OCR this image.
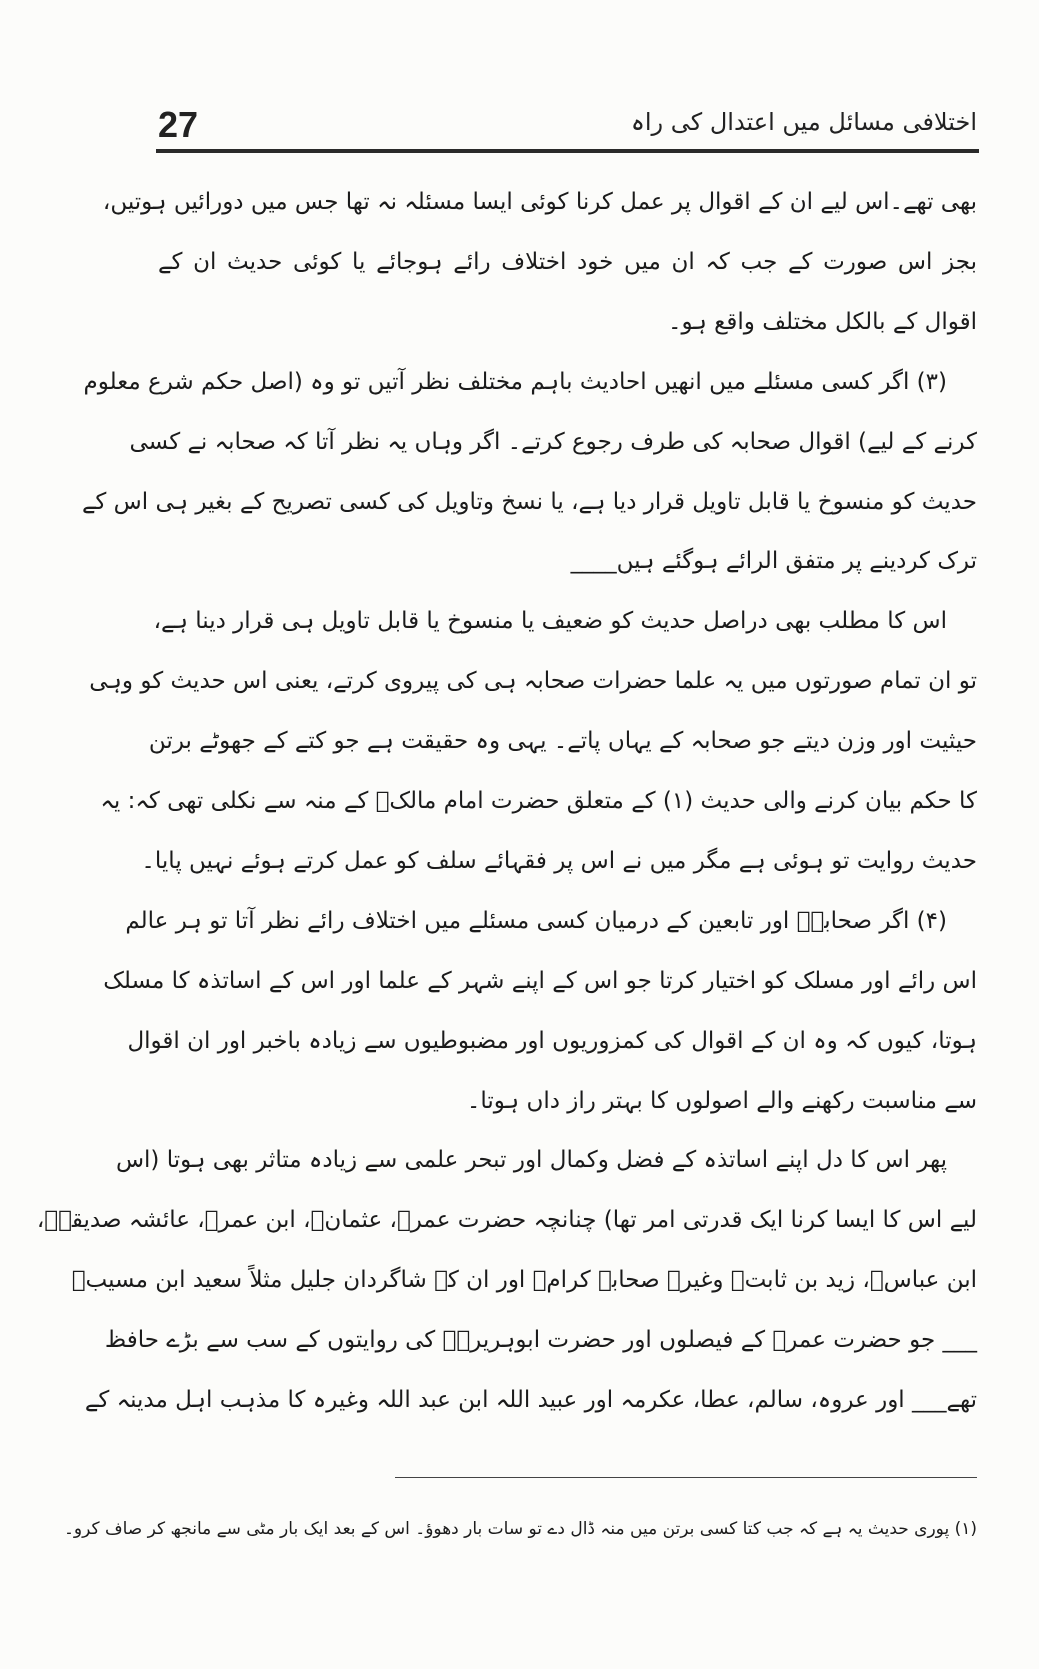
27	اختلافی مسائل میں اعتدال کی راہ
بھی تھے۔اس لیے ان کے اقوال پر عمل کرنا کوئی ایسا مسئلہ نہ تھا جس میں دورائیں ہوتیں،
بجز اس صورت کے جب کہ ان میں خود اختلاف رائے ہوجائے یا کوئی حدیث ان کے
اقوال کے بالکل مختلف واقع ہو۔
(۳) اگر کسی مسئلے میں انھیں احادیث باہم مختلف نظر آتیں تو وہ (اصل حکم شرع معلوم
کرنے کے لیے) اقوال صحابہ کی طرف رجوع کرتے۔ اگر وہاں یہ نظر آتا کہ صحابہ نے کسی
حدیث کو منسوخ یا قابل تاویل قرار دیا ہے، یا نسخ وتاویل کی کسی تصریح کے بغیر ہی اس کے
ترک کردینے پر متفق الرائے ہوگئے ہیں____
اس کا مطلب بھی دراصل حدیث کو ضعیف یا منسوخ یا قابل تاویل ہی قرار دینا ہے،
تو ان تمام صورتوں میں یہ علما حضرات صحابہ ہی کی پیروی کرتے، یعنی اس حدیث کو وہی
حیثیت اور وزن دیتے جو صحابہ کے یہاں پاتے۔ یہی وہ حقیقت ہے جو کتے کے جھوٹے برتن
کا حکم بیان کرنے والی حدیث (۱) کے متعلق حضرت امام مالکؒ کے منہ سے نکلی تھی کہ: یہ
حدیث روایت تو ہوئی ہے مگر میں نے اس پر فقہائے سلف کو عمل کرتے ہوئے نہیں پایا۔
(۴) اگر صحابہؓ اور تابعین کے درمیان کسی مسئلے میں اختلاف رائے نظر آتا تو ہر عالم
اس رائے اور مسلک کو اختیار کرتا جو اس کے اپنے شہر کے علما اور اس کے اساتذہ کا مسلک
ہوتا، کیوں کہ وہ ان کے اقوال کی کمزوریوں اور مضبوطیوں سے زیادہ باخبر اور ان اقوال
سے مناسبت رکھنے والے اصولوں کا بہتر راز داں ہوتا۔
پھر اس کا دل اپنے اساتذہ کے فضل وکمال اور تبحر علمی سے زیادہ متاثر بھی ہوتا (اس
لیے اس کا ایسا کرنا ایک قدرتی امر تھا) چنانچہ حضرت عمرؓ، عثمانؓ، ابن عمرؓ، عائشہ صدیقہؓ،
ابن عباسؓ، زید بن ثابتؓ وغیرہ صحابہ کرامؓ اور ان کے شاگردان جلیل مثلاً سعید ابن مسیبؒ
___ جو حضرت عمرؓ کے فیصلوں اور حضرت ابوہریرہؓ کی روایتوں کے سب سے بڑے حافظ
تھے___ اور عروہ، سالم، عطا، عکرمہ اور عبید اللہ ابن عبد اللہ وغیرہ کا مذہب اہل مدینہ کے
(۱) پوری حدیث یہ ہے کہ جب کتا کسی برتن میں منہ ڈال دے تو سات بار دھوؤ۔ اس کے بعد ایک بار مٹی سے مانجھ کر صاف کرو۔
